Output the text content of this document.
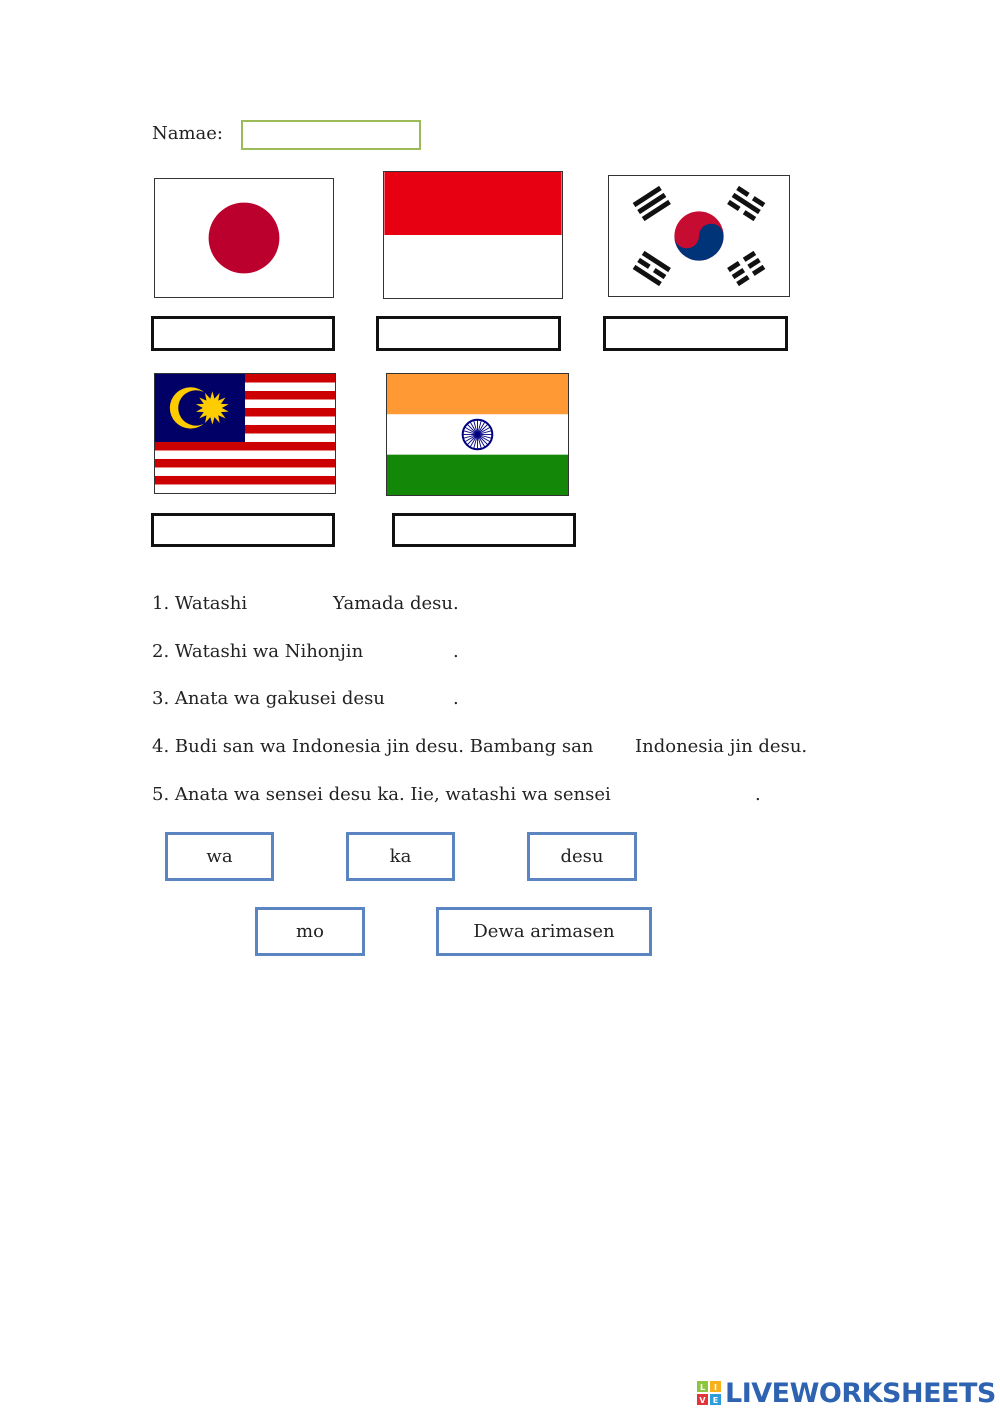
Namae:
1. Watashi	Yamada desu.
2. Watashi wa Nihonjin	.
3. Anata wa gakusei desu	.
4. Budi san wa Indonesia jin desu. Bambang san Indonesia jin desu.
5. Anata wa sensei desu ka. Iie, watashi wa sensei	.
wa	ka	desu
mo	Dewa arimasen
L I
V E LIVEWORKSHEETS
